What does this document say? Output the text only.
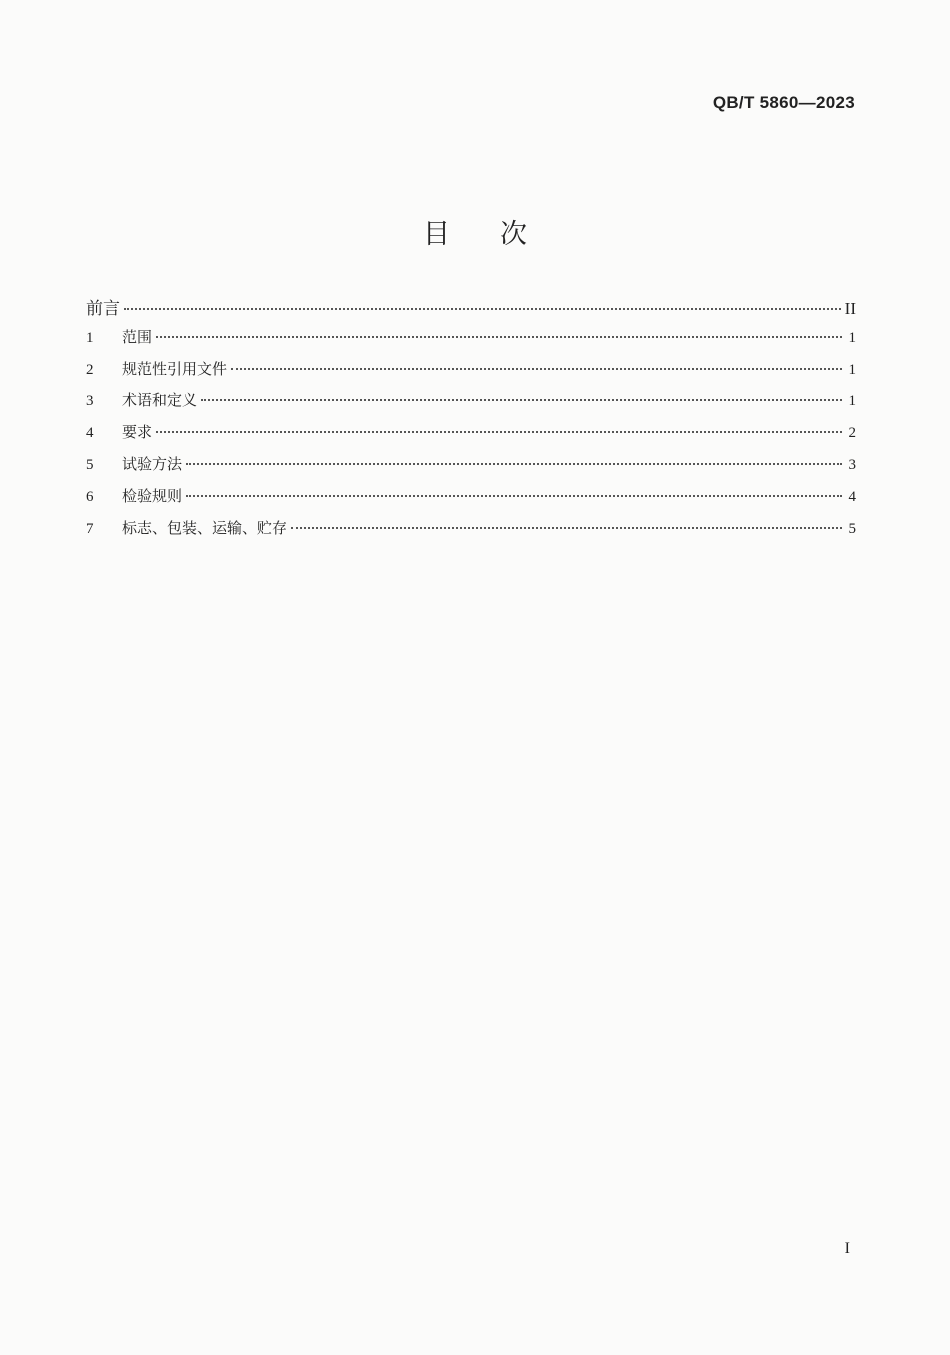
QB/T 5860—2023
目 次
前言	II
1	范围	1
2	规范性引用文件	1
3	术语和定义	1
4	要求	2
5	试验方法	3
6	检验规则	4
7	标志、包装、运输、贮存	5
I
